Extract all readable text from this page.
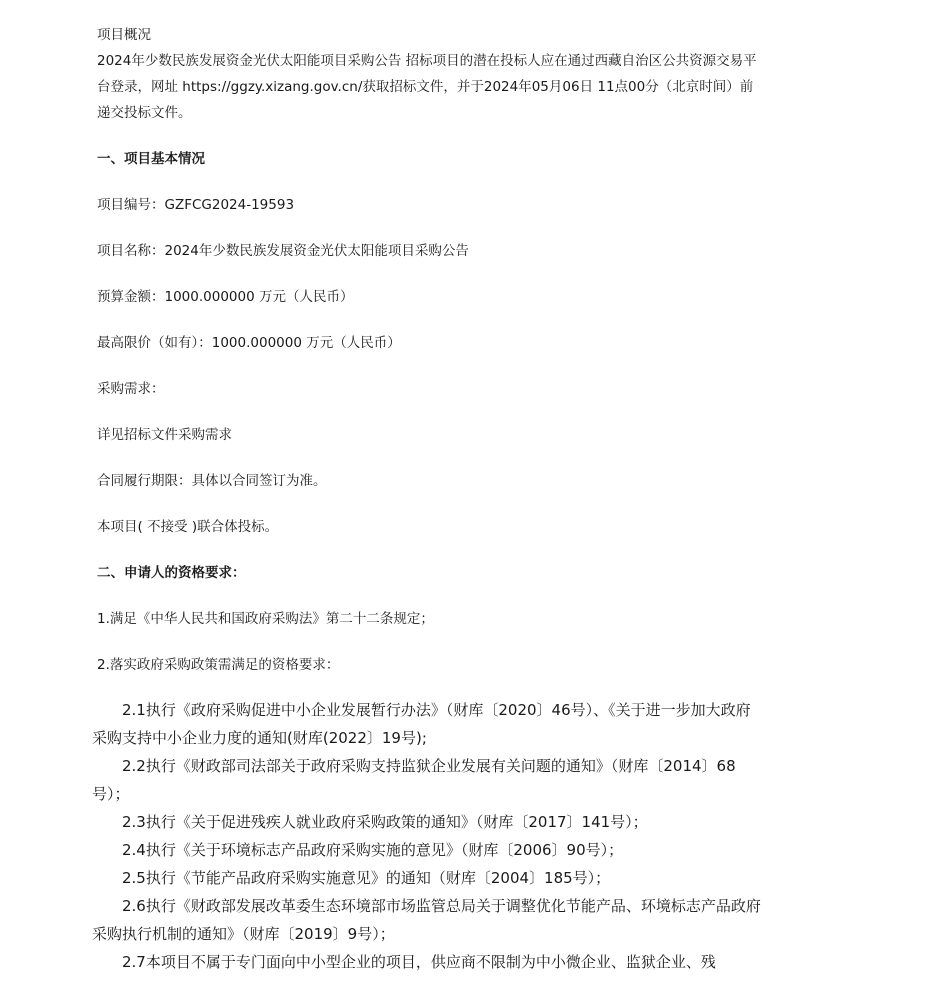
项目概况

2024年少数民族发展资金光伏太阳能项目采购公告 招标项目的潜在投标人应在通过西藏自治区公共资源交易平台登录，网址 https://ggzy.xizang.gov.cn/获取招标文件，并于2024年05月06日 11点00分（北京时间）前递交投标文件。

一、项目基本情况

项目编号：GZFCG2024-19593

项目名称：2024年少数民族发展资金光伏太阳能项目采购公告

预算金额：1000.000000 万元（人民币）

最高限价（如有）：1000.000000 万元（人民币）

采购需求：

详见招标文件采购需求

合同履行期限：具体以合同签订为准。

本项目( 不接受 )联合体投标。

二、申请人的资格要求：

1.满足《中华人民共和国政府采购法》第二十二条规定；

2.落实政府采购政策需满足的资格要求：

2.1执行《政府采购促进中小企业发展暂行办法》（财库〔2020〕46号）、《关于进一步加大政府采购支持中小企业力度的通知(财库(2022〕19号);

2.2执行《财政部司法部关于政府采购支持监狱企业发展有关问题的通知》（财库〔2014〕68号）；

2.3执行《关于促进残疾人就业政府采购政策的通知》（财库〔2017〕141号）；

2.4执行《关于环境标志产品政府采购实施的意见》（财库〔2006〕90号）；

2.5执行《节能产品政府采购实施意见》的通知（财库〔2004〕185号）；

2.6执行《财政部发展改革委生态环境部市场监管总局关于调整优化节能产品、环境标志产品政府采购执行机制的通知》（财库〔2019〕9号）；

2.7本项目不属于专门面向中小型企业的项目，供应商不限制为中小微企业、监狱企业、残
